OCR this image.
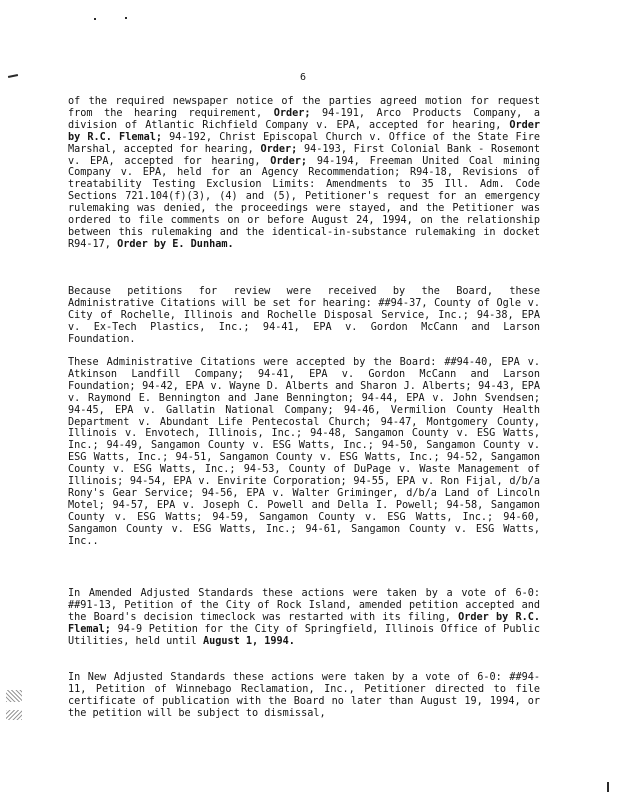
6

of the required newspaper notice of the parties agreed motion for request from the hearing requirement, Order; 94-191, Arco Products Company, a division of Atlantic Richfield Company v. EPA, accepted for hearing, Order by R.C. Flemal; 94-192, Christ Episcopal Church v. Office of the State Fire Marshal, accepted for hearing, Order; 94-193, First Colonial Bank - Rosemont v. EPA, accepted for hearing, Order; 94-194, Freeman United Coal mining Company v. EPA, held for an Agency Recommendation; R94-18, Revisions of treatability Testing Exclusion Limits: Amendments to 35 Ill. Adm. Code Sections 721.104(f)(3), (4) and (5), Petitioner's request for an emergency rulemaking was denied, the proceedings were stayed, and the Petitioner was ordered to file comments on or before August 24, 1994, on the relationship between this rulemaking and the identical-in-substance rulemaking in docket R94-17, Order by E. Dunham.

Because petitions for review were received by the Board, these Administrative Citations will be set for hearing: ##94-37, County of Ogle v. City of Rochelle, Illinois and Rochelle Disposal Service, Inc.; 94-38, EPA v. Ex-Tech Plastics, Inc.; 94-41, EPA v. Gordon McCann and Larson Foundation.

These Administrative Citations were accepted by the Board: ##94-40, EPA v. Atkinson Landfill Company; 94-41, EPA v. Gordon McCann and Larson Foundation; 94-42, EPA v. Wayne D. Alberts and Sharon J. Alberts; 94-43, EPA v. Raymond E. Bennington and Jane Bennington; 94-44, EPA v. John Svendsen; 94-45, EPA v. Gallatin National Company; 94-46, Vermilion County Health Department v. Abundant Life Pentecostal Church; 94-47, Montgomery County, Illinois v. Envotech, Illinois, Inc.; 94-48, Sangamon County v. ESG Watts, Inc.; 94-49, Sangamon County v. ESG Watts, Inc.; 94-50, Sangamon County v. ESG Watts, Inc.; 94-51, Sangamon County v. ESG Watts, Inc.; 94-52, Sangamon County v. ESG Watts, Inc.; 94-53, County of DuPage v. Waste Management of Illinois; 94-54, EPA v. Envirite Corporation; 94-55, EPA v. Ron Fijal, d/b/a Rony's Gear Service; 94-56, EPA v. Walter Griminger, d/b/a Land of Lincoln Motel; 94-57, EPA v. Joseph C. Powell and Della I. Powell; 94-58, Sangamon County v. ESG Watts; 94-59, Sangamon County v. ESG Watts, Inc.; 94-60, Sangamon County v. ESG Watts, Inc.; 94-61, Sangamon County v. ESG Watts, Inc..

In Amended Adjusted Standards these actions were taken by a vote of 6-0: ##91-13, Petition of the City of Rock Island, amended petition accepted and the Board's decision timeclock was restarted with its filing, Order by R.C. Flemal; 94-9 Petition for the City of Springfield, Illinois Office of Public Utilities, held until August 1, 1994.

In New Adjusted Standards these actions were taken by a vote of 6-0: ##94-11, Petition of Winnebago Reclamation, Inc., Petitioner directed to file certificate of publication with the Board no later than August 19, 1994, or the petition will be subject to dismissal,
